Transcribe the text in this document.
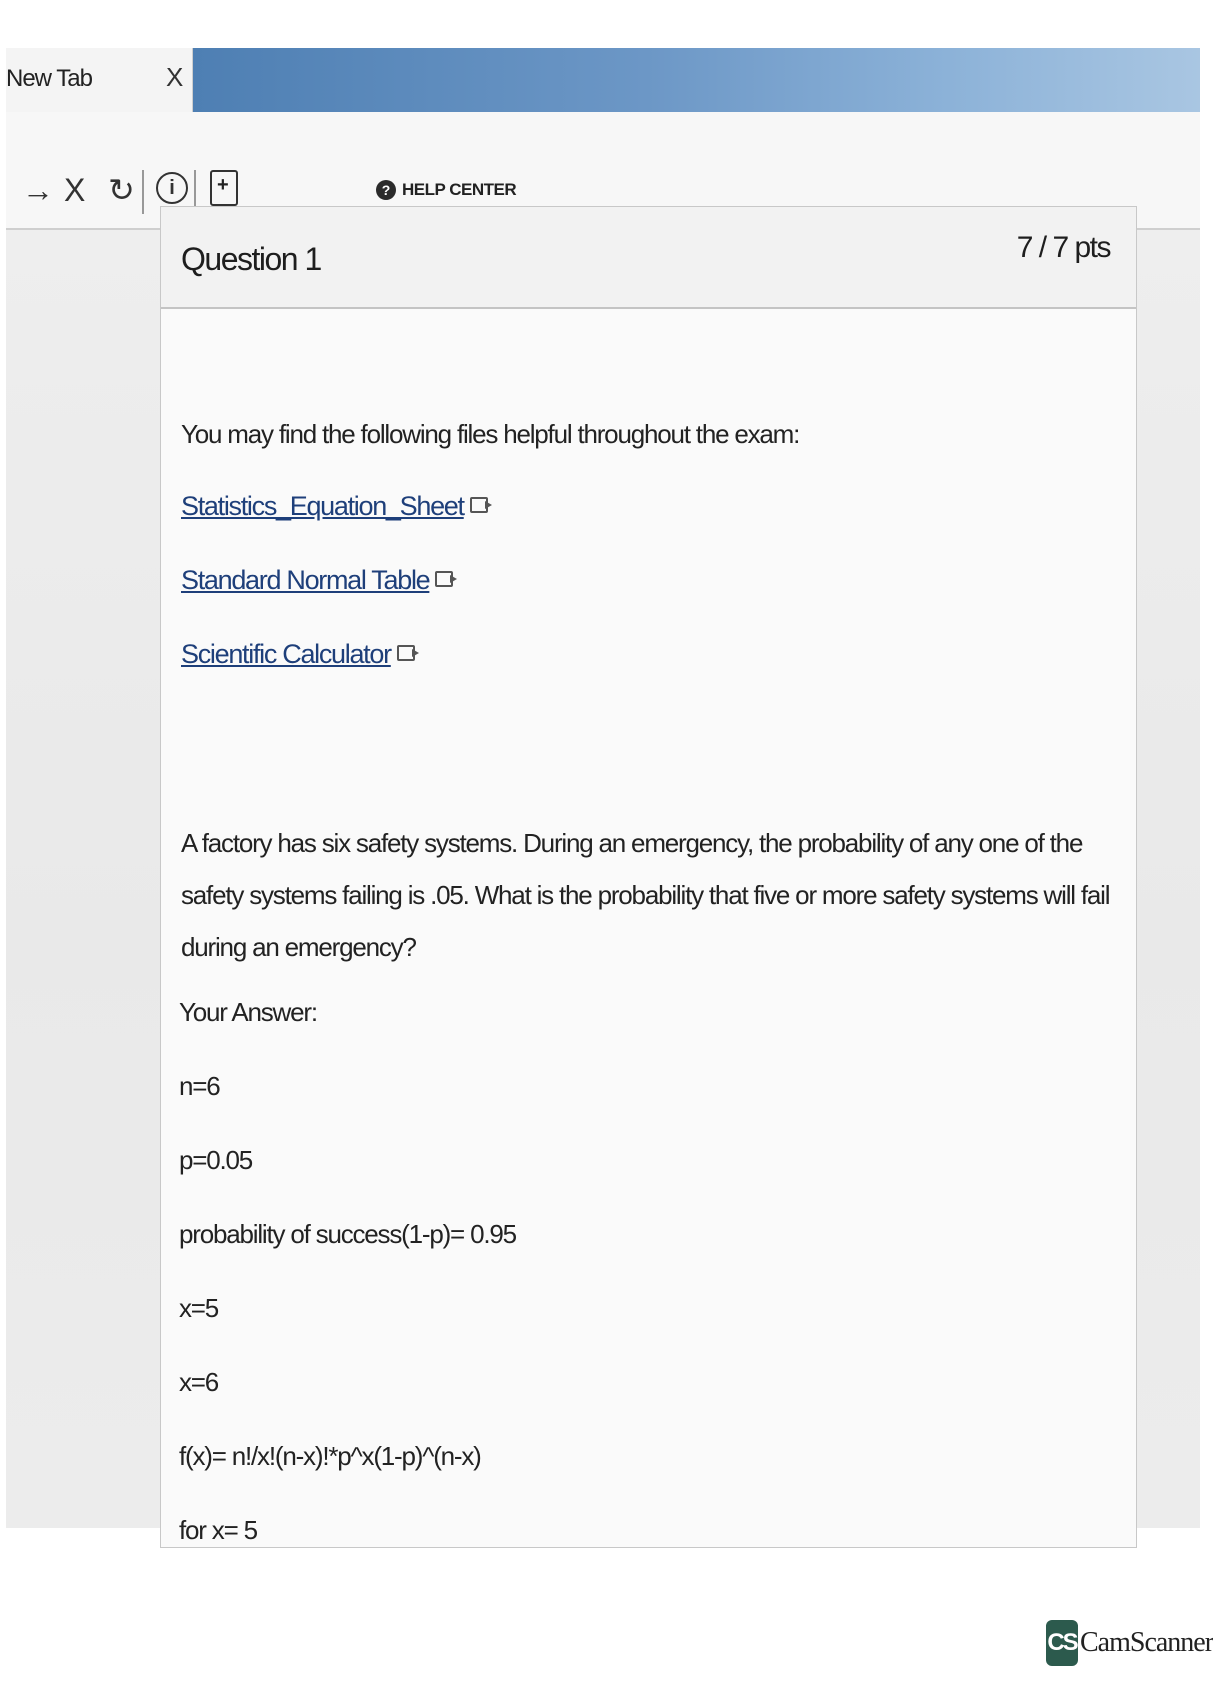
New Tab	X
→ X ↻	i
+	? HELP CENTER
Question 1	7 / 7 pts
You may find the following files helpful throughout the exam:
Statistics_Equation_Sheet
Standard Normal Table
Scientific Calculator
A factory has six safety systems. During an emergency, the probability of any one of the safety systems failing is .05. What is the probability that five or more safety systems will fail during an emergency?
Your Answer:
n=6
p=0.05
probability of success(1-p)= 0.95
x=5
x=6
f(x)= n!/x!(n-x)!*p^x(1-p)^(n-x)
for x= 5
CS CamScanner
